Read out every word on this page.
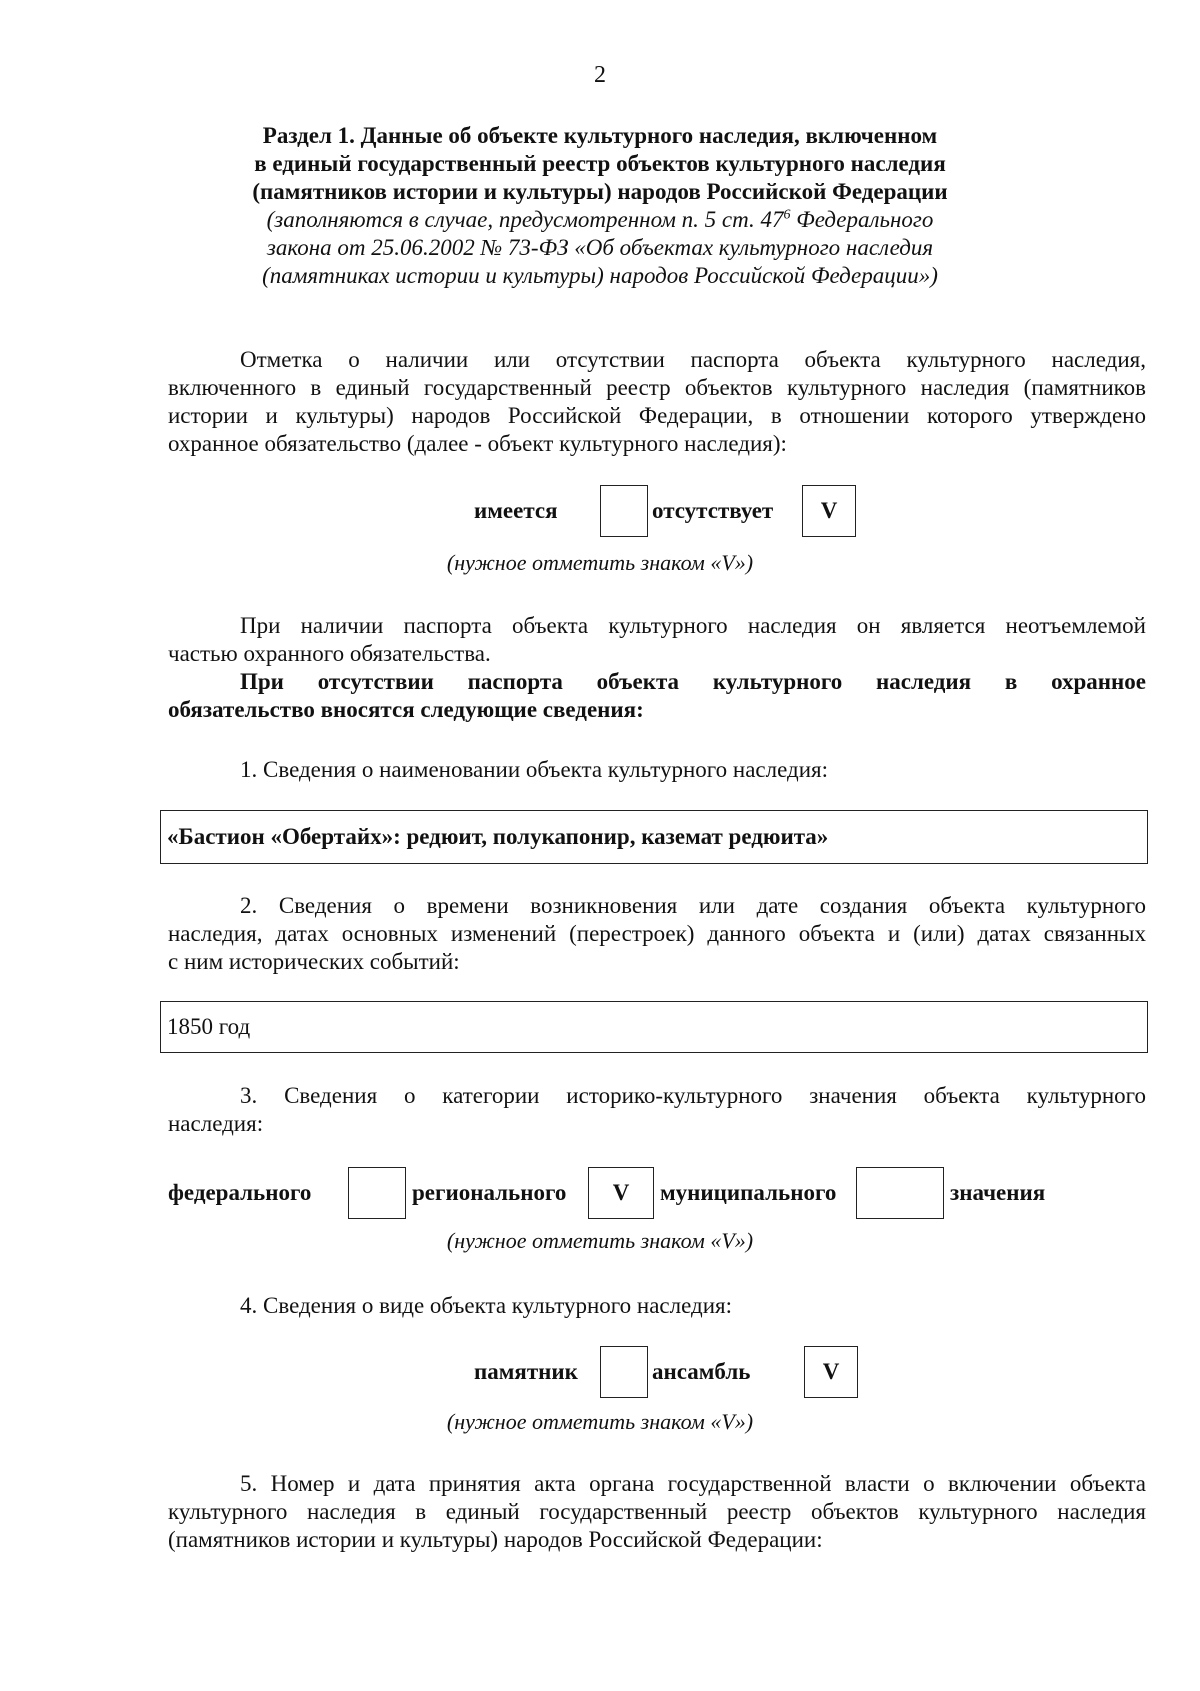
2
Раздел 1. Данные об объекте культурного наследия, включенном
в единый государственный реестр объектов культурного наследия
(памятников истории и культуры) народов Российской Федерации
(заполняются в случае, предусмотренном п. 5 ст. $47^6$ Федерального
закона от 25.06.2002 № 73-ФЗ «Об объектах культурного наследия
(памятниках истории и культуры) народов Российской Федерации»)
Отметка о наличии или отсутствии паспорта объекта культурного наследия,
включенного в единый государственный реестр объектов культурного наследия (памятников
истории и культуры) народов Российской Федерации, в отношении которого утверждено
охранное обязательство (далее - объект культурного наследия):
имеется	отсутствует	V
(нужное отметить знаком «V»)
При наличии паспорта объекта культурного наследия он является неотъемлемой
частью охранного обязательства.
При отсутствии паспорта объекта культурного наследия в охранное
обязательство вносятся следующие сведения:
1. Сведения о наименовании объекта культурного наследия:
«Бастион «Обертайх»: редюит, полукапонир, каземат редюита»
2. Сведения о времени возникновения или дате создания объекта культурного
наследия, датах основных изменений (перестроек) данного объекта и (или) датах связанных
с ним исторических событий:
1850 год
3. Сведения о категории историко-культурного значения объекта культурного
наследия:
федерального	регионального	V	муниципального	значения
(нужное отметить знаком «V»)
4. Сведения о виде объекта культурного наследия:
памятник	ансамбль	V
(нужное отметить знаком «V»)
5. Номер и дата принятия акта органа государственной власти о включении объекта
культурного наследия в единый государственный реестр объектов культурного наследия
(памятников истории и культуры) народов Российской Федерации:
